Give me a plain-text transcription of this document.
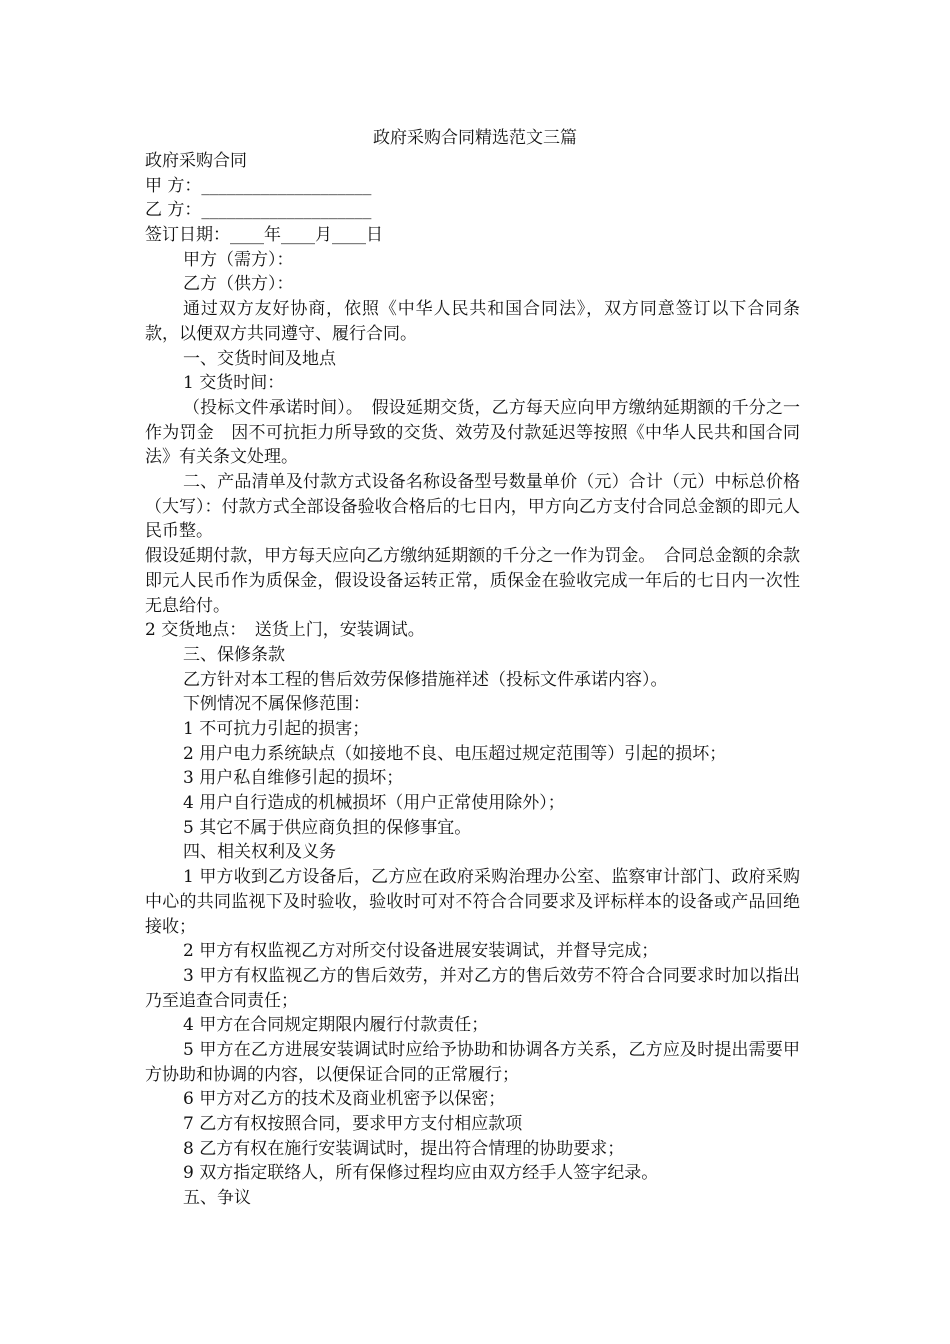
政府采购合同精选范文三篇
政府采购合同
甲 方：____________________
乙 方：____________________
签订日期：____年____月____日
甲方（需方）：
乙方（供方）：
通过双方友好协商，依照《中华人民共和国合同法》，双方同意签订以下合同条款，以便双方共同遵守、履行合同。
一、交货时间及地点
1 交货时间：
（投标文件承诺时间）。　假设延期交货，乙方每天应向甲方缴纳延期额的千分之一作为罚金　因不可抗拒力所导致的交货、效劳及付款延迟等按照《中华人民共和国合同法》有关条文处理。
二、产品清单及付款方式设备名称设备型号数量单价（元）合计（元）中标总价格（大写）：付款方式全部设备验收合格后的七日内，甲方向乙方支付合同总金额的即元人民币整。
假设延期付款，甲方每天应向乙方缴纳延期额的千分之一作为罚金。　合同总金额的余款即元人民币作为质保金，假设设备运转正常，质保金在验收完成一年后的七日内一次性无息给付。
2 交货地点：　送货上门，安装调试。
三、保修条款
乙方针对本工程的售后效劳保修措施祥述（投标文件承诺内容）。
下例情况不属保修范围：
1 不可抗力引起的损害；
2 用户电力系统缺点（如接地不良、电压超过规定范围等）引起的损坏；
3 用户私自维修引起的损坏；
4 用户自行造成的机械损坏（用户正常使用除外）；
5 其它不属于供应商负担的保修事宜。
四、相关权利及义务
1 甲方收到乙方设备后，乙方应在政府采购治理办公室、监察审计部门、政府采购中心的共同监视下及时验收，验收时可对不符合合同要求及评标样本的设备或产品回绝接收；
2 甲方有权监视乙方对所交付设备进展安装调试，并督导完成；
3 甲方有权监视乙方的售后效劳，并对乙方的售后效劳不符合合同要求时加以指出乃至追查合同责任；
4 甲方在合同规定期限内履行付款责任；
5 甲方在乙方进展安装调试时应给予协助和协调各方关系，乙方应及时提出需要甲方协助和协调的内容，以便保证合同的正常履行；
6 甲方对乙方的技术及商业机密予以保密；
7 乙方有权按照合同，要求甲方支付相应款项
8 乙方有权在施行安装调试时，提出符合情理的协助要求；
9 双方指定联络人，所有保修过程均应由双方经手人签字纪录。
五、争议
